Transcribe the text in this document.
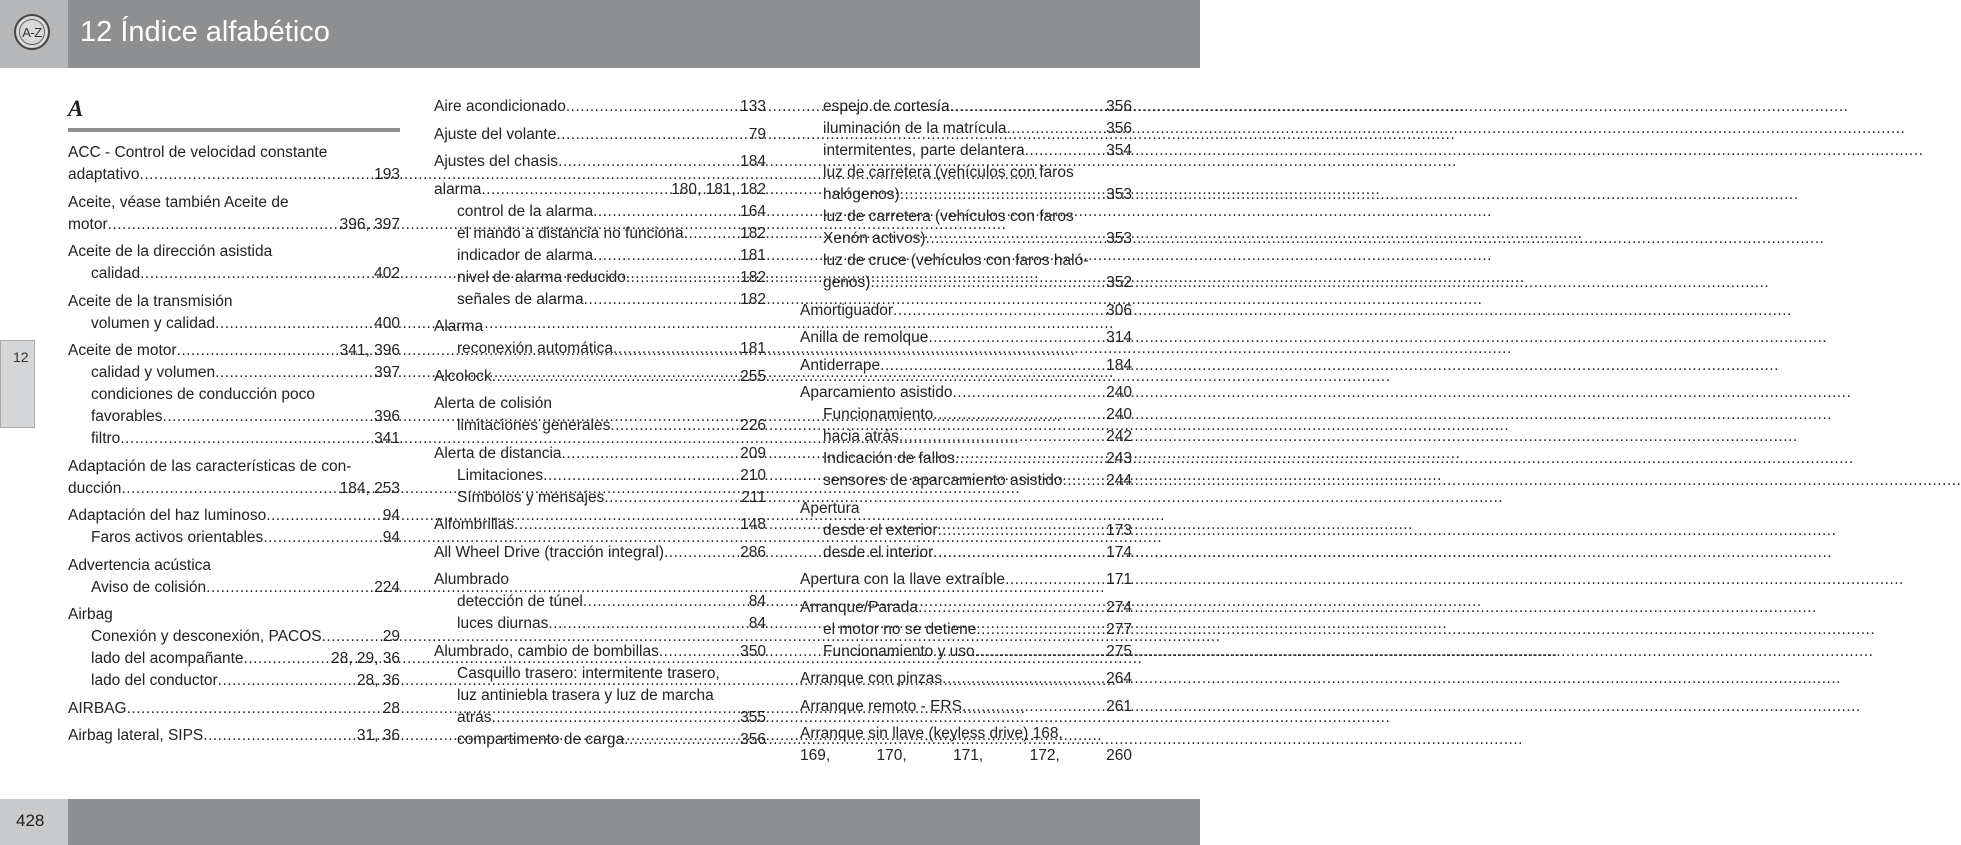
A-Z 12 Índice alfabético
12
A
ACC - Control de velocidad constante
adaptativo .....	193
Aceite, véase también Aceite de
motor .....	396, 397
Aceite de la dirección asistida
calidad .....	402
Aceite de la transmisión
volumen y calidad .....	400
Aceite de motor .....	341, 396
calidad y volumen .....	397
condiciones de conducción poco
favorables .....	396
filtro .....	341
Adaptación de las características de con-
ducción .....	184, 253
Adaptación del haz luminoso .....	94
Faros activos orientables .....	94
Advertencia acústica
Aviso de colisión .....	224
Airbag
Conexión y desconexión, PACOS .....	29
lado del acompañante .....	28, 29, 36
lado del conductor .....	28, 36
AIRBAG .....	28
Airbag lateral, SIPS .....	31, 36
Aire acondicionado .....	133
Ajuste del volante .....	79
Ajustes del chasis .....	184
alarma .....	180, 181, 182
control de la alarma .....	164
el mando a distancia no funciona .....	182
indicador de alarma .....	181
nivel de alarma reducido .....	182
señales de alarma .....	182
Alarma
reconexión automática .....	181
Alcolock .....	255
Alerta de colisión
limitaciones generales .....	226
Alerta de distancia .....	209
Limitaciones .....	210
Símbolos y mensajes .....	211
Alfombrillas .....	148
All Wheel Drive (tracción integral) .....	286
Alumbrado
detección de túnel .....	84
luces diurnas .....	84
Alumbrado, cambio de bombillas .....	350
Casquillo trasero: intermitente trasero,
luz antiniebla trasera y luz de marcha
atrás .....	355
compartimento de carga .....	356
espejo de cortesía .....	356
iluminación de la matrícula .....	356
intermitentes, parte delantera .....	354
luz de carretera (vehículos con faros
halógenos) .....	353
luz de carretera (vehículos con faros
Xenón activos) .....	353
luz de cruce (vehículos con faros haló-
genos) .....	352
Amortiguador .....	306
Anilla de remolque .....	314
Antiderrape .....	184
Aparcamiento asistido .....	240
Funcionamiento .....	240
hacia atrás .....	242
Indicación de fallos .....	243
sensores de aparcamiento asistido .....	244
Apertura
desde el exterior .....	173
desde el interior .....	174
Apertura con la llave extraíble .....	171
Arranque/Parada .....	274
el motor no se detiene .....	277
Funcionamiento y uso .....	275
Arranque con pinzas .....	264
Arranque remoto - ERS .....	261
Arranque sin llave (keyless drive) 168,
169,	170,	171,	172,	260
428
